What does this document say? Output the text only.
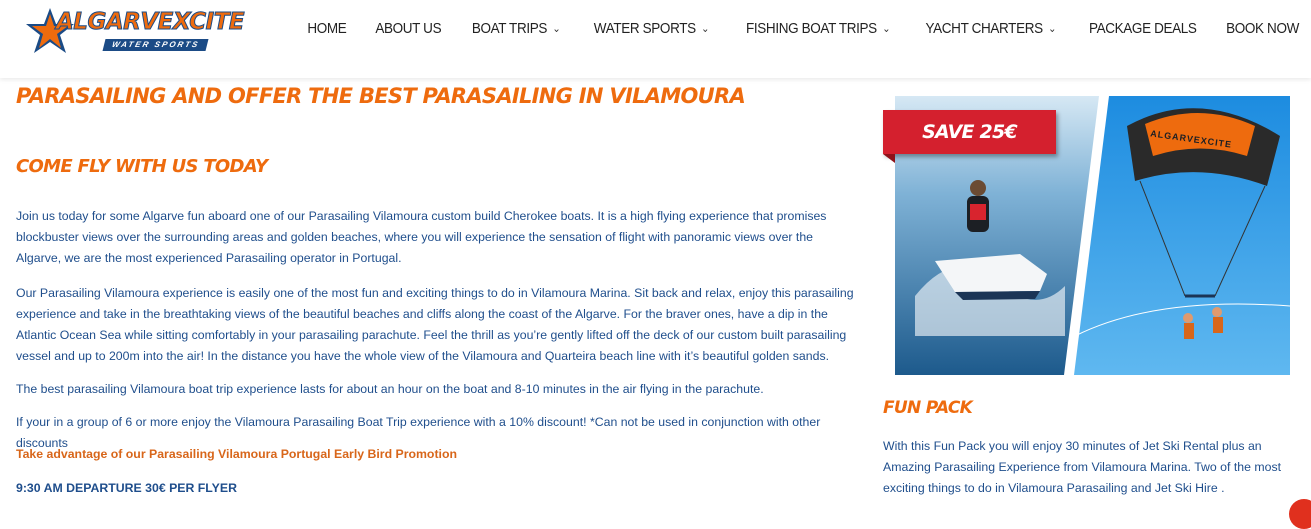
ALGARVEXCITE
WATER SPORTS
HOME ABOUT US BOAT TRIPS ⌄ WATER SPORTS ⌄ FISHING BOAT TRIPS ⌄ YACHT CHARTERS ⌄ PACKAGE DEALS BOOK NOW
PARASAILING AND OFFER THE BEST PARASAILING IN VILAMOURA
COME FLY WITH US TODAY

Join us today for some Algarve fun aboard one of our Parasailing Vilamoura custom build Cherokee boats. It is a high flying experience that promises blockbuster views over the surrounding areas and golden beaches, where you will experience the sensation of flight with panoramic views over the Algarve, we are the most experienced Parasailing operator in Portugal.

Our Parasailing Vilamoura experience is easily one of the most fun and exciting things to do in Vilamoura Marina. Sit back and relax, enjoy this parasailing experience and take in the breathtaking views of the beautiful beaches and cliffs along the coast of the Algarve. For the braver ones, have a dip in the Atlantic Ocean Sea while sitting comfortably in your parasailing parachute. Feel the thrill as you’re gently lifted off the deck of our custom built parasailing vessel and up to 200m into the air! In the distance you have the whole view of the Vilamoura and Quarteira beach line with it’s beautiful golden sands.

The best parasailing Vilamoura boat trip experience lasts for about an hour on the boat and 8-10 minutes in the air flying in the parachute.

If your in a group of 6 or more enjoy the Vilamoura Parasailing Boat Trip experience with a 10% discount! *Can not be used in conjunction with other discounts

Take advantage of our Parasailing Vilamoura Portugal Early Bird Promotion
9:30 AM DEPARTURE 30€ PER FLYER
ALGARVEXCITE
SAVE 25€
FUN PACK

With this Fun Pack you will enjoy 30 minutes of Jet Ski Rental plus an Amazing Parasailing Experience from Vilamoura Marina. Two of the most exciting things to do in Vilamoura Parasailing and Jet Ski Hire .
